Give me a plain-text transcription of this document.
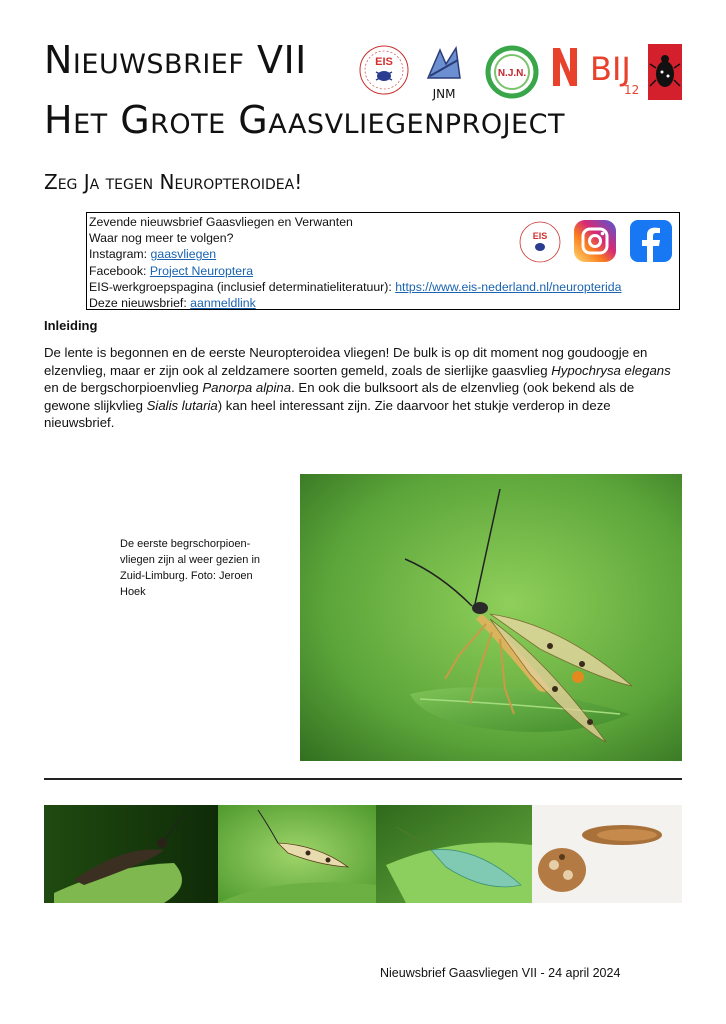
Nieuwsbrief VII
Het Grote Gaasvliegenproject
EIS
JNM
N.J.N. BIJ
12
Zeg Ja tegen Neuropteroidea!
Zevende nieuwsbrief Gaasvliegen en Verwanten
Waar nog meer te volgen?
Instagram: gaasvliegen
Facebook: Project Neuroptera
EIS-werkgroepspagina (inclusief determinatieliteratuur): https://www.eis-nederland.nl/neuropterida
Deze nieuwsbrief: aanmeldlink
EIS
Inleiding
De lente is begonnen en de eerste Neuropteroidea vliegen! De bulk is op dit moment nog goudoogje en elzenvlieg, maar er zijn ook al zeldzamere soorten gemeld, zoals de sierlijke gaasvlieg Hypochrysa elegans en de bergschorpioenvlieg Panorpa alpina. En ook die bulksoort als de elzenvlieg (ook bekend als de gewone slijkvlieg Sialis lutaria) kan heel interessant zijn. Zie daarvoor het stukje verderop in deze nieuwsbrief.
De eerste begrschorpioen-vliegen zijn al weer gezien in Zuid-Limburg. Foto: Jeroen Hoek
Nieuwsbrief Gaasvliegen VII - 24 april 2024
